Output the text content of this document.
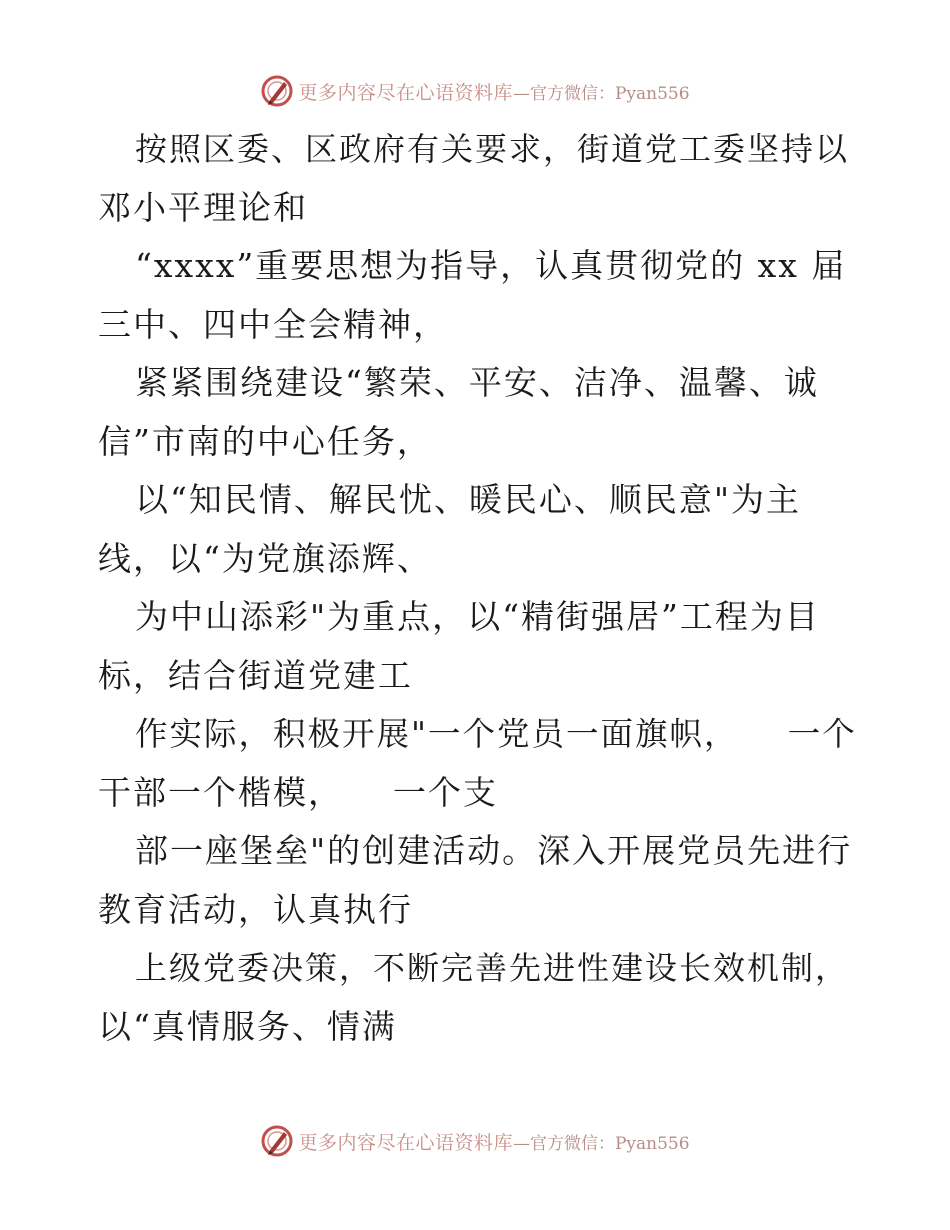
更多内容尽在心语资料库 —官方微信：Pyan556
按照区委、区政府有关要求，街道党工委坚持以
邓小平理论和
“xxxx”重要思想为指导，认真贯彻党的 xx 届
三中、四中全会精神，
紧紧围绕建设“繁荣、平安、洁净、温馨、诚
信”市南的中心任务，
以“知民情、解民忧、暖民心、顺民意"为主
线，以“为党旗添辉、
为中山添彩"为重点，以“精街强居”工程为目
标，结合街道党建工
作实际，积极开展"一个党员一面旗帜，    一个
干部一个楷模，    一个支
部一座堡垒"的创建活动。深入开展党员先进行
教育活动，认真执行
上级党委决策，不断完善先进性建设长效机制，
以“真情服务、情满
更多内容尽在心语资料库 —官方微信：Pyan556
